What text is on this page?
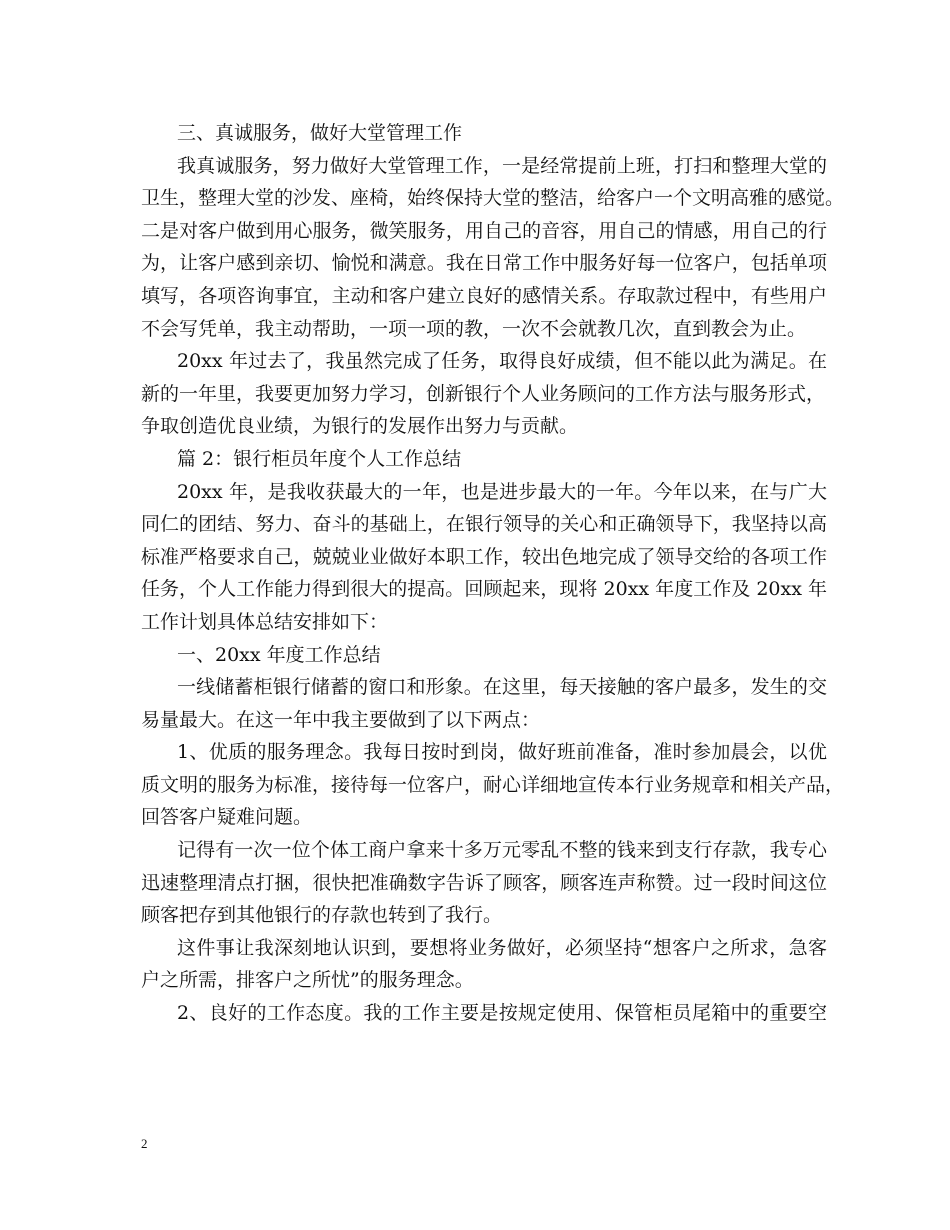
三、真诚服务，做好大堂管理工作
我真诚服务，努力做好大堂管理工作，一是经常提前上班，打扫和整理大堂的
卫生，整理大堂的沙发、座椅，始终保持大堂的整洁，给客户一个文明高雅的感觉。
二是对客户做到用心服务，微笑服务，用自己的音容，用自己的情感，用自己的行
为，让客户感到亲切、愉悦和满意。我在日常工作中服务好每一位客户，包括单项
填写，各项咨询事宜，主动和客户建立良好的感情关系。存取款过程中，有些用户
不会写凭单，我主动帮助，一项一项的教，一次不会就教几次，直到教会为止。
20xx 年过去了，我虽然完成了任务，取得良好成绩，但不能以此为满足。在
新的一年里，我要更加努力学习，创新银行个人业务顾问的工作方法与服务形式，
争取创造优良业绩，为银行的发展作出努力与贡献。
篇 2：银行柜员年度个人工作总结
20xx 年，是我收获最大的一年，也是进步最大的一年。今年以来，在与广大
同仁的团结、努力、奋斗的基础上，在银行领导的关心和正确领导下，我坚持以高
标准严格要求自己，兢兢业业做好本职工作，较出色地完成了领导交给的各项工作
任务，个人工作能力得到很大的提高。回顾起来，现将 20xx 年度工作及 20xx 年
工作计划具体总结安排如下：
一、20xx 年度工作总结
一线储蓄柜银行储蓄的窗口和形象。在这里，每天接触的客户最多，发生的交
易量最大。在这一年中我主要做到了以下两点：
1、优质的服务理念。我每日按时到岗，做好班前准备，准时参加晨会，以优
质文明的服务为标准，接待每一位客户，耐心详细地宣传本行业务规章和相关产品，
回答客户疑难问题。
记得有一次一位个体工商户拿来十多万元零乱不整的钱来到支行存款，我专心
迅速整理清点打捆，很快把准确数字告诉了顾客，顾客连声称赞。过一段时间这位
顾客把存到其他银行的存款也转到了我行。
这件事让我深刻地认识到，要想将业务做好，必须坚持“想客户之所求，急客
户之所需，排客户之所忧”的服务理念。
2、良好的工作态度。我的工作主要是按规定使用、保管柜员尾箱中的重要空
2
